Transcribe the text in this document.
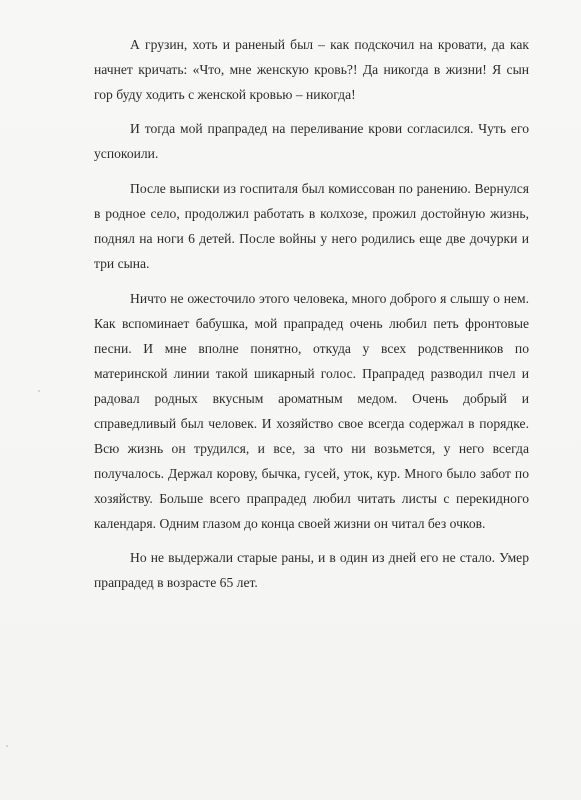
А грузин, хоть и раненый был – как подскочил на кровати, да как начнет кричать: «Что, мне женскую кровь?! Да никогда в жизни! Я сын гор буду ходить с женской кровью – никогда!

И тогда мой прапрадед на переливание крови согласился. Чуть его успокоили.

После выписки из госпиталя был комиссован по ранению. Вернулся в родное село, продолжил работать в колхозе, прожил достойную жизнь, поднял на ноги 6 детей. После войны у него родились еще две дочурки и три сына.

Ничто не ожесточило этого человека, много доброго я слышу о нем. Как вспоминает бабушка, мой прапрадед очень любил петь фронтовые песни. И мне вполне понятно, откуда у всех родственников по материнской линии такой шикарный голос. Прапрадед разводил пчел и радовал родных вкусным ароматным медом. Очень добрый и справедливый был человек. И хозяйство свое всегда содержал в порядке. Всю жизнь он трудился, и все, за что ни возьмется, у него всегда получалось. Держал корову, бычка, гусей, уток, кур. Много было забот по хозяйству. Больше всего прапрадед любил читать листы с перекидного календаря. Одним глазом до конца своей жизни он читал без очков.

Но не выдержали старые раны, и в один из дней его не стало. Умер прапрадед в возрасте 65 лет.
